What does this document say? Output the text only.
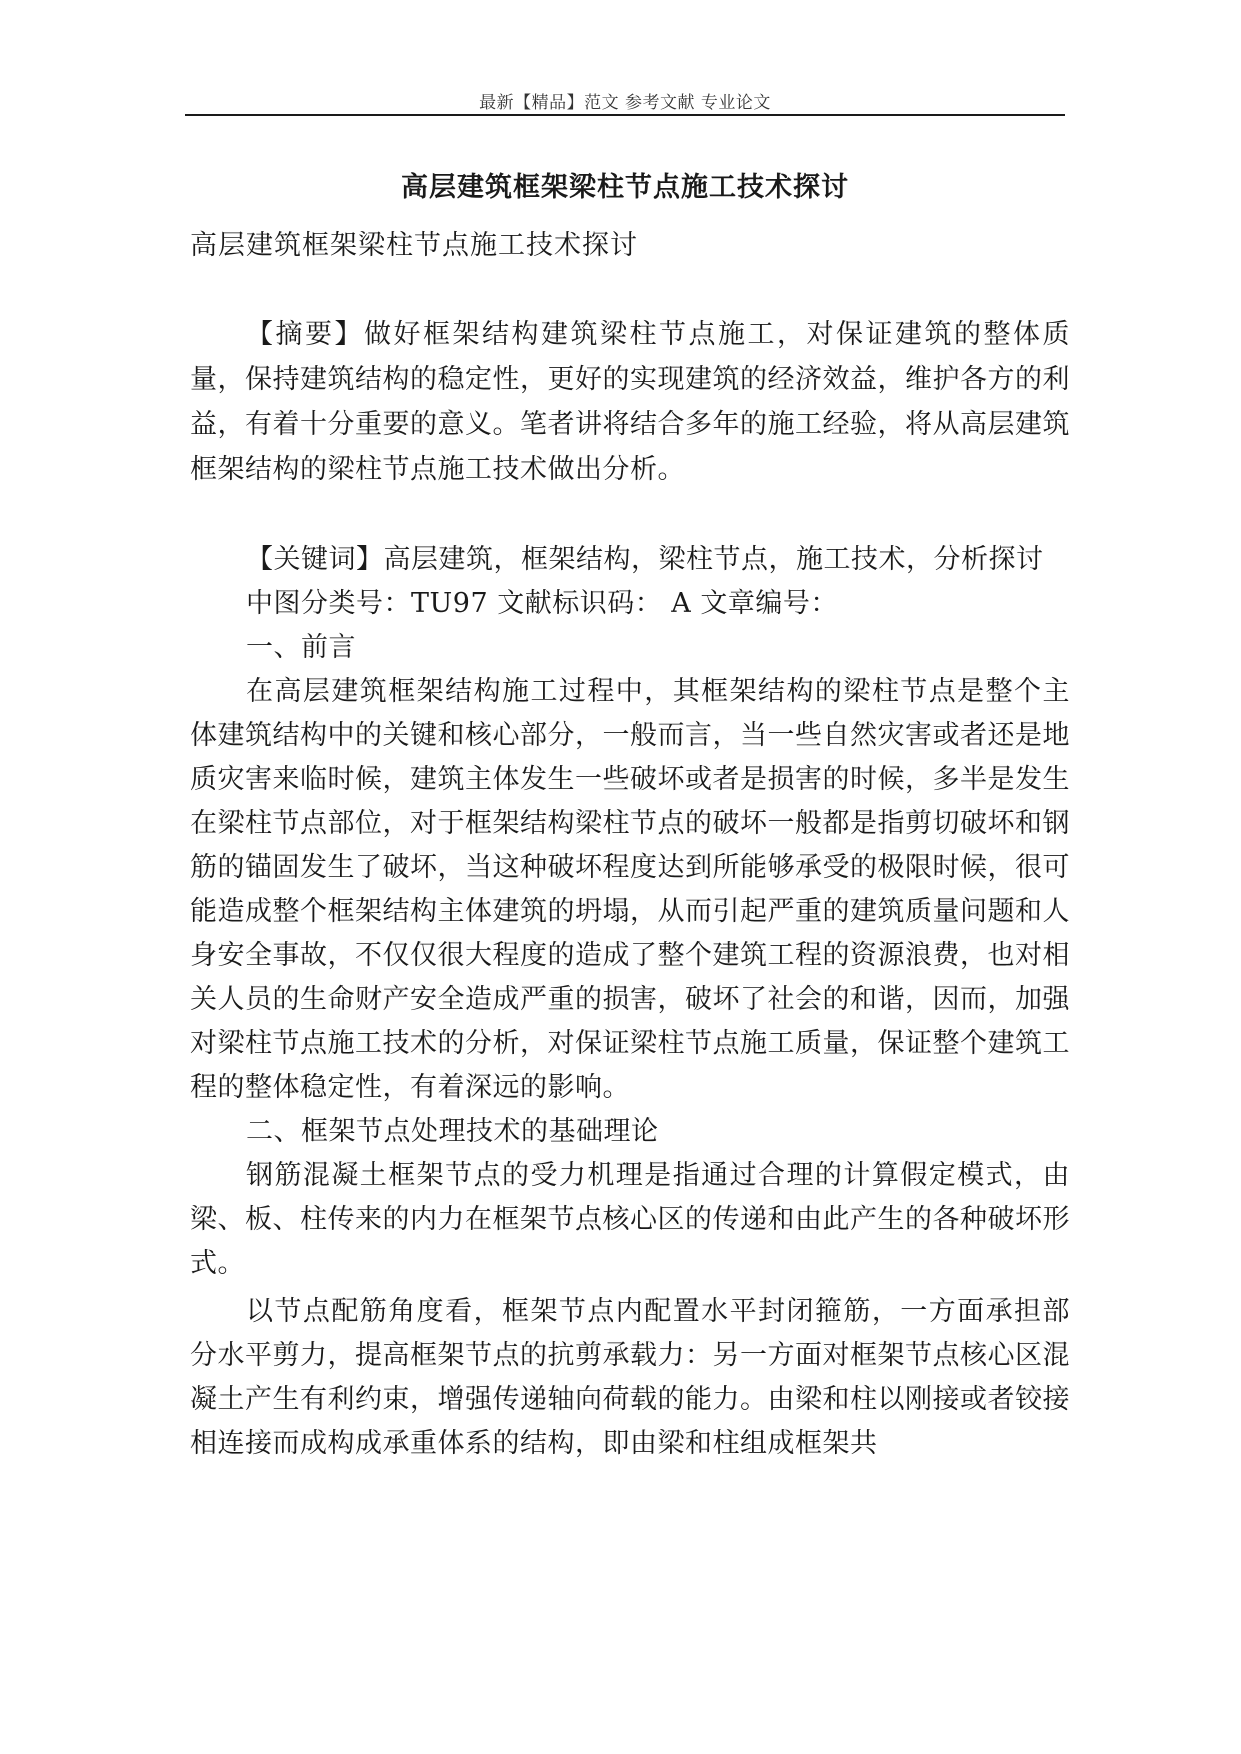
最新【精品】范文 参考文献 专业论文
高层建筑框架梁柱节点施工技术探讨
高层建筑框架梁柱节点施工技术探讨

【摘要】做好框架结构建筑梁柱节点施工，对保证建筑的整体质量，保持建筑结构的稳定性，更好的实现建筑的经济效益，维护各方的利益，有着十分重要的意义。笔者讲将结合多年的施工经验，将从高层建筑框架结构的梁柱节点施工技术做出分析。

【关键词】高层建筑，框架结构，梁柱节点，施工技术，分析探讨

中图分类号：TU97 文献标识码： A 文章编号：

一、前言

在高层建筑框架结构施工过程中，其框架结构的梁柱节点是整个主体建筑结构中的关键和核心部分，一般而言，当一些自然灾害或者还是地质灾害来临时候，建筑主体发生一些破坏或者是损害的时候，多半是发生在梁柱节点部位，对于框架结构梁柱节点的破坏一般都是指剪切破坏和钢筋的锚固发生了破坏，当这种破坏程度达到所能够承受的极限时候，很可能造成整个框架结构主体建筑的坍塌，从而引起严重的建筑质量问题和人身安全事故，不仅仅很大程度的造成了整个建筑工程的资源浪费，也对相关人员的生命财产安全造成严重的损害，破坏了社会的和谐，因而，加强对梁柱节点施工技术的分析，对保证梁柱节点施工质量，保证整个建筑工程的整体稳定性，有着深远的影响。

二、框架节点处理技术的基础理论

钢筋混凝土框架节点的受力机理是指通过合理的计算假定模式，由梁、板、柱传来的内力在框架节点核心区的传递和由此产生的各种破坏形式。

以节点配筋角度看，框架节点内配置水平封闭箍筋，一方面承担部分水平剪力，提高框架节点的抗剪承载力：另一方面对框架节点核心区混凝土产生有利约束，增强传递轴向荷载的能力。由梁和柱以刚接或者铰接相连接而成构成承重体系的结构，即由梁和柱组成框架共
